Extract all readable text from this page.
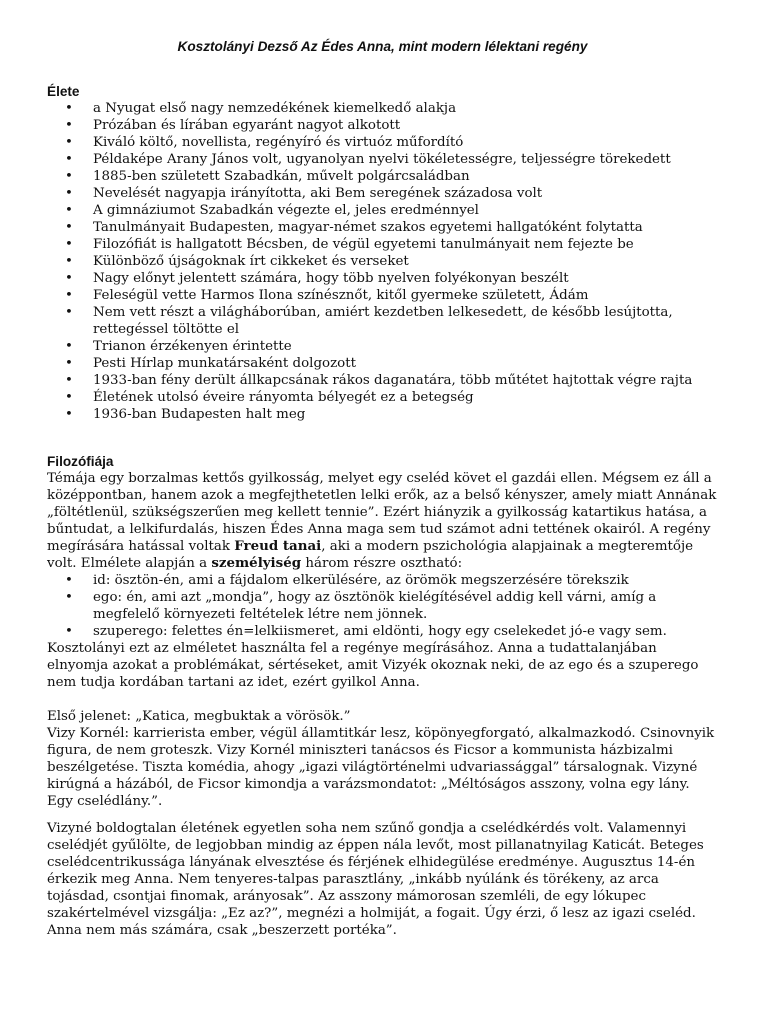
Kosztolányi Dezső Az Édes Anna, mint modern lélektani regény
Élete
• a Nyugat első nagy nemzedékének kiemelkedő alakja
• Prózában és lírában egyaránt nagyot alkotott
• Kiváló költő, novellista, regényíró és virtuóz műfordító
• Példaképe Arany János volt, ugyanolyan nyelvi tökéletességre, teljességre törekedett
• 1885-ben született Szabadkán, művelt polgárcsaládban
• Nevelését nagyapja irányította, aki Bem seregének századosa volt
• A gimnáziumot Szabadkán végezte el, jeles eredménnyel
• Tanulmányait Budapesten, magyar-német szakos egyetemi hallgatóként folytatta
• Filozófiát is hallgatott Bécsben, de végül egyetemi tanulmányait nem fejezte be
• Különböző újságoknak írt cikkeket és verseket
• Nagy előnyt jelentett számára, hogy több nyelven folyékonyan beszélt
• Feleségül vette Harmos Ilona színésznőt, kitől gyermeke született, Ádám
• Nem vett részt a világháborúban, amiért kezdetben lelkesedett, de később lesújtotta, rettegéssel töltötte el
• Trianon érzékenyen érintette
• Pesti Hírlap munkatársaként dolgozott
• 1933-ban fény derült állkapcsának rákos daganatára, több műtétet hajtottak végre rajta
• Életének utolsó éveire rányomta bélyegét ez a betegség
• 1936-ban Budapesten halt meg
Filozófiája

Témája egy borzalmas kettős gyilkosság, melyet egy cseléd követ el gazdái ellen. Mégsem ez áll a középpontban, hanem azok a megfejthetetlen lelki erők, az a belső kényszer, amely miatt Annának „föltétlenül, szükségszerűen meg kellett tennie”. Ezért hiányzik a gyilkosság katartikus hatása, a bűntudat, a lelkifurdalás, hiszen Édes Anna maga sem tud számot adni tettének okairól. A regény megírására hatással voltak Freud tanai, aki a modern pszichológia alapjainak a megteremtője volt. Elmélete alapján a személyiség három részre osztható:

• id: ösztön-én, ami a fájdalom elkerülésére, az örömök megszerzésére törekszik
• ego: én, ami azt „mondja”, hogy az ösztönök kielégítésével addig kell várni, amíg a megfelelő környezeti feltételek létre nem jönnek.
• szuperego: felettes én=lelkiismeret, ami eldönti, hogy egy cselekedet jó-e vagy sem.

Kosztolányi ezt az elméletet használta fel a regénye megírásához. Anna a tudattalanjában elnyomja azokat a problémákat, sértéseket, amit Vizyék okoznak neki, de az ego és a szuperego nem tudja kordában tartani az idet, ezért gyilkol Anna.

Első jelenet: „Katica, megbuktak a vörösök.”

Vizy Kornél: karrierista ember, végül államtitkár lesz, köpönyegforgató, alkalmazkodó. Csinovnyik figura, de nem groteszk. Vizy Kornél miniszteri tanácsos és Ficsor a kommunista házbizalmi beszélgetése. Tiszta komédia, ahogy „igazi világtörténelmi udvariassággal” társalognak. Vizyné kirúgná a házából, de Ficsor kimondja a varázsmondatot: „Méltóságos asszony, volna egy lány. Egy cselédlány.”.

Vizyné boldogtalan életének egyetlen soha nem szűnő gondja a cselédkérdés volt. Valamennyi cselédjét gyűlölte, de legjobban mindig az éppen nála levőt, most pillanatnyilag Katicát. Beteges cselédcentrikussága lányának elvesztése és férjének elhidegülése eredménye. Augusztus 14-én érkezik meg Anna. Nem tenyeres-talpas parasztlány, „inkább nyúlánk és törékeny, az arca tojásdad, csontjai finomak, arányosak”. Az asszony mámorosan szemléli, de egy lókupec szakértelmével vizsgálja: „Ez az?”, megnézi a holmiját, a fogait. Úgy érzi, ő lesz az igazi cseléd. Anna nem más számára, csak „beszerzett portéka”.
